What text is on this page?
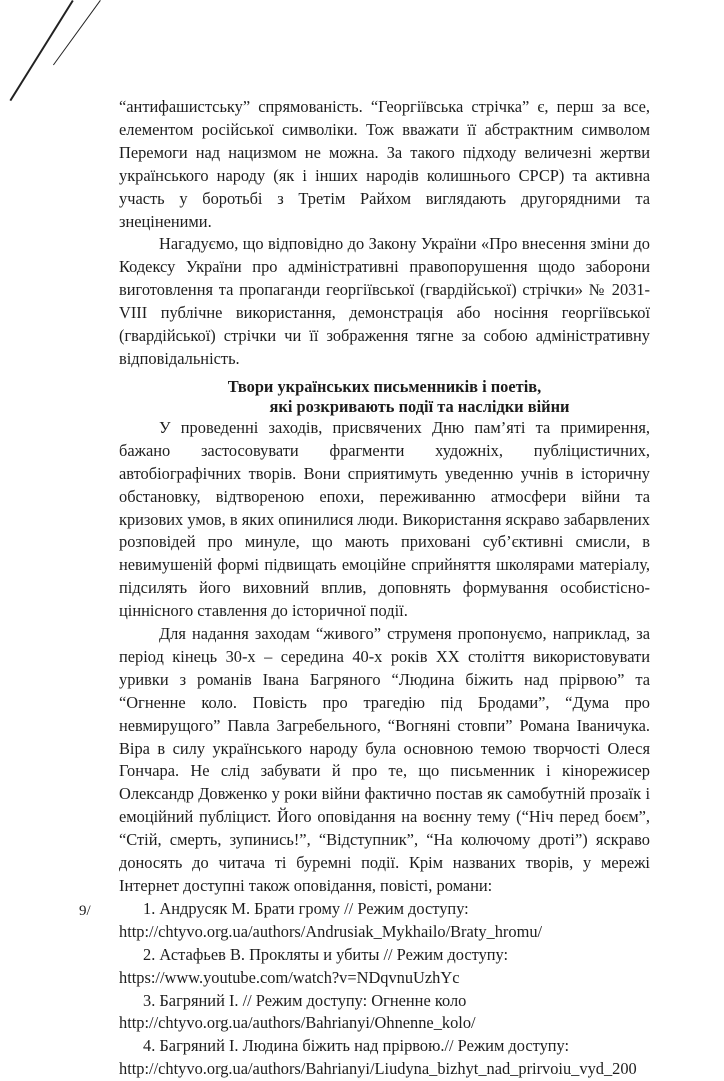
“антифашистську” спрямованість. “Георгіївська стрічка” є, перш за все, елементом російської символіки. Тож вважати її абстрактним символом Перемоги над нацизмом не можна. За такого підходу величезні жертви українського народу (як і інших народів колишнього СРСР) та активна участь у боротьбі з Третім Райхом виглядають другорядними та знеціненими.

Нагадуємо, що відповідно до Закону України «Про внесення зміни до Кодексу України про адміністративні правопорушення щодо заборони виготовлення та пропаганди георгіївської (гвардійської) стрічки» № 2031-VIII публічне використання, демонстрація або носіння георгіївської (гвардійської) стрічки чи її зображення тягне за собою адміністративну відповідальність.

Твори українських письменників і поетів,
які розкривають події та наслідки війни

У проведенні заходів, присвячених Дню пам’яті та примирення, бажано застосовувати фрагменти художніх, публіцистичних, автобіографічних творів. Вони сприятимуть уведенню учнів в історичну обстановку, відтвореною епохи, переживанню атмосфери війни та кризових умов, в яких опинилися люди. Використання яскраво забарвлених розповідей про минуле, що мають приховані суб’єктивні смисли, в невимушеній формі підвищать емоційне сприйняття школярами матеріалу, підсилять його виховний вплив, доповнять формування особистісно-ціннісного ставлення до історичної події.

Для надання заходам “живого” струменя пропонуємо, наприклад, за період кінець 30-х – середина 40-х років ХХ століття використовувати уривки з романів Івана Багряного “Людина біжить над прірвою” та “Огненне коло. Повість про трагедію під Бродами”, “Дума про невмирущого” Павла Загребельного, “Вогняні стовпи” Романа Іваничука. Віра в силу українського народу була основною темою творчості Олеся Гончара. Не слід забувати й про те, що письменник і кінорежисер Олександр Довженко у роки війни фактично постав як самобутній прозаїк і емоційний публіцист. Його оповідання на воєнну тему (“Ніч перед боєм”, “Стій, смерть, зупинись!”, “Відступник”, “На колючому дроті”) яскраво доносять до читача ті буремні події. Крім названих творів, у мережі Інтернет доступні також оповідання, повісті, романи:

1. Андрусяк М. Брати грому // Режим доступу:
http://chtyvo.org.ua/authors/Andrusiak_Mykhailo/Braty_hromu/
2. Астафьев В. Прокляты и убиты // Режим доступу:
https://www.youtube.com/watch?v=NDqvnuUzhYc
3. Багряний І. // Режим доступу: Огненне коло
http://chtyvo.org.ua/authors/Bahrianyi/Ohnenne_kolo/
4. Багряний І. Людина біжить над прірвою.// Режим доступу:
http://chtyvo.org.ua/authors/Bahrianyi/Liudyna_bizhyt_nad_prirvoiu_vyd_200
9/
